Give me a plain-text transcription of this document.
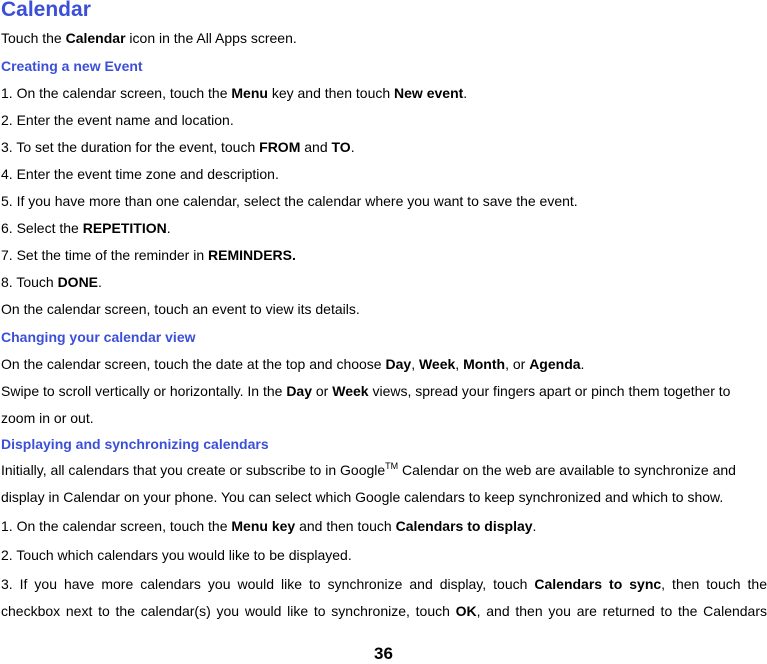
Calendar

Touch the Calendar icon in the All Apps screen.

Creating a new Event

1. On the calendar screen, touch the Menu key and then touch New event.

2. Enter the event name and location.

3. To set the duration for the event, touch FROM and TO.

4. Enter the event time zone and description.

5. If you have more than one calendar, select the calendar where you want to save the event.

6. Select the REPETITION.

7. Set the time of the reminder in REMINDERS.

8. Touch DONE.

On the calendar screen, touch an event to view its details.

Changing your calendar view

On the calendar screen, touch the date at the top and choose Day, Week, Month, or Agenda.

Swipe to scroll vertically or horizontally. In the Day or Week views, spread your fingers apart or pinch them together to zoom in or out.

Displaying and synchronizing calendars

Initially, all calendars that you create or subscribe to in Google™ Calendar on the web are available to synchronize and display in Calendar on your phone. You can select which Google calendars to keep synchronized and which to show.

1. On the calendar screen, touch the Menu key and then touch Calendars to display.

2. Touch which calendars you would like to be displayed.

3. If you have more calendars you would like to synchronize and display, touch Calendars to sync, then touch the checkbox next to the calendar(s) you would like to synchronize, touch OK, and then you are returned to the Calendars

36
